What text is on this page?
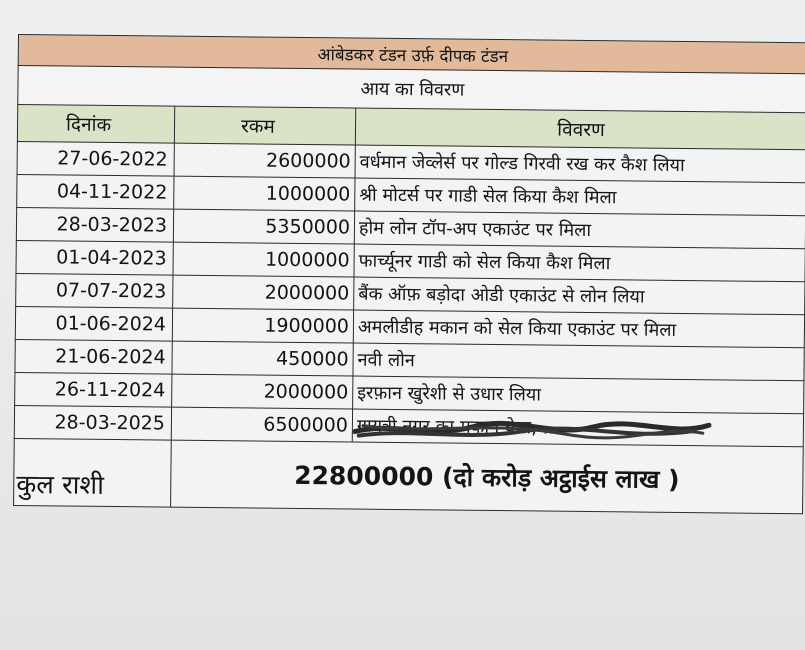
आंबेडकर टंडन उर्फ़ दीपक टंडन		
आय का विवरण		
दिनांक	रकम	विवरण
27-06-2022	2600000	वर्धमान जेव्लेर्स पर गोल्ड गिरवी रख कर कैश लिया
04-11-2022	1000000	श्री मोटर्स पर गाडी सेल किया कैश मिला
28-03-2023	5350000	होम लोन टॉप-अप एकाउंट पर मिला
01-04-2023	1000000	फार्च्यूनर गाडी को सेल किया कैश मिला
07-07-2023	2000000	बैंक ऑफ़ बड़ोदा ओडी एकाउंट से लोन लिया
01-06-2024	1900000	अमलीडीह मकान को सेल किया एकाउंट पर मिला
21-06-2024	450000	नवी लोन
26-11-2024	2000000	इरफ़ान खुरेशी से उधार लिया
28-03-2025	6500000	गायत्री नगर का मकान बेचा, ...

कुल राशी	22800000 (दो करोड़ अट्ठाईस लाख )	
